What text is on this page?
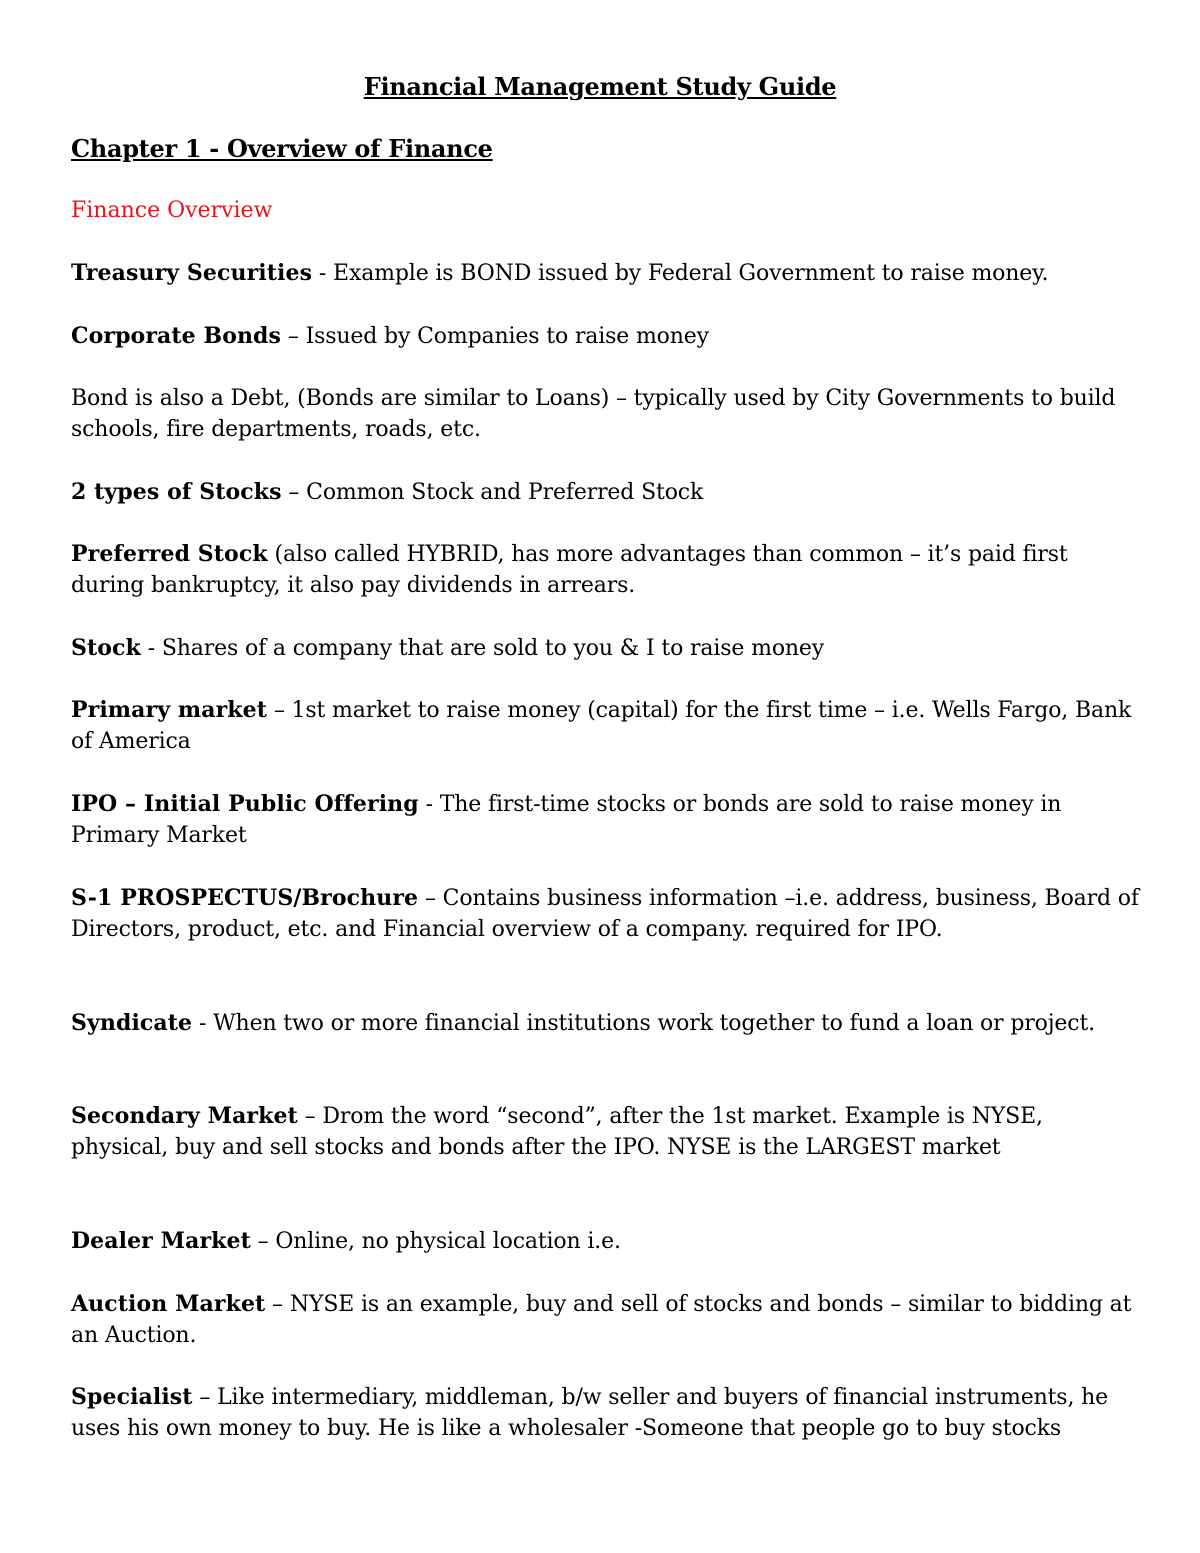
Financial Management Study Guide
Chapter 1 - Overview of Finance
Finance Overview
Treasury Securities - Example is BOND issued by Federal Government to raise money.
Corporate Bonds – Issued by Companies to raise money
Bond is also a Debt, (Bonds are similar to Loans) – typically used by City Governments to build schools, fire departments, roads, etc.
2 types of Stocks – Common Stock and Preferred Stock
Preferred Stock (also called HYBRID, has more advantages than common – it’s paid first during bankruptcy, it also pay dividends in arrears.
Stock - Shares of a company that are sold to you & I to raise money
Primary market – 1st market to raise money (capital) for the first time – i.e. Wells Fargo, Bank of America
IPO – Initial Public Offering - The first-time stocks or bonds are sold to raise money in Primary Market
S-1 PROSPECTUS/Brochure – Contains business information –i.e. address, business, Board of Directors, product, etc. and Financial overview of a company. required for IPO.
Syndicate - When two or more financial institutions work together to fund a loan or project.
Secondary Market – Drom the word “second”, after the 1st market. Example is NYSE, physical, buy and sell stocks and bonds after the IPO. NYSE is the LARGEST market
Dealer Market – Online, no physical location i.e.
Auction Market – NYSE is an example, buy and sell of stocks and bonds – similar to bidding at an Auction.
Specialist – Like intermediary, middleman, b/w seller and buyers of financial instruments, he uses his own money to buy. He is like a wholesaler -Someone that people go to buy stocks
